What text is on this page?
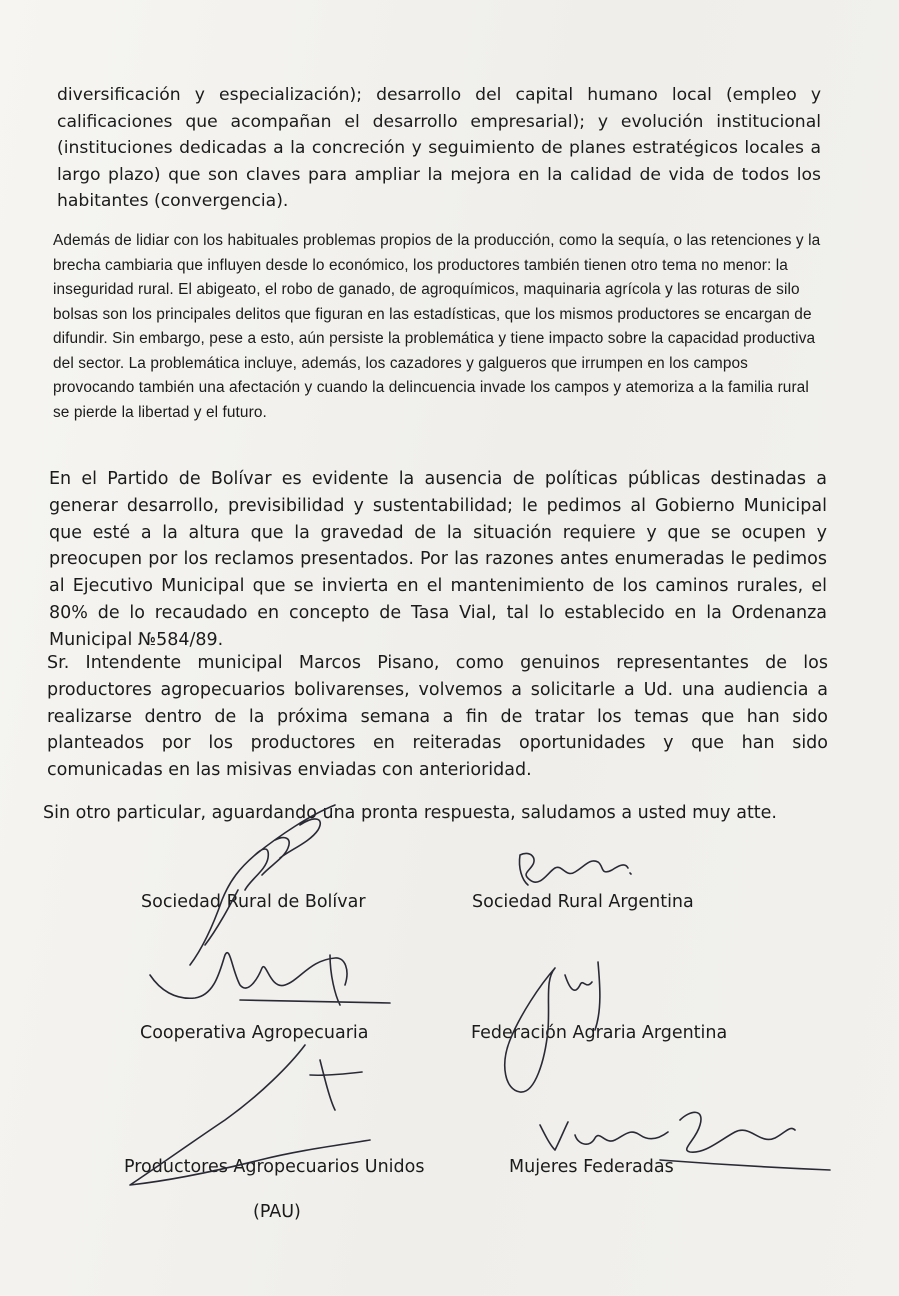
diversificación y especialización); desarrollo del capital humano local (empleo y calificaciones que acompañan el desarrollo empresarial); y evolución institucional (instituciones dedicadas a la concreción y seguimiento de planes estratégicos locales a largo plazo) que son claves para ampliar la mejora en la calidad de vida de todos los habitantes (convergencia).

Además de lidiar con los habituales problemas propios de la producción, como la sequía, o las retenciones y la brecha cambiaria que influyen desde lo económico, los productores también tienen otro tema no menor: la inseguridad rural. El abigeato, el robo de ganado, de agroquímicos, maquinaria agrícola y las roturas de silo bolsas son los principales delitos que figuran en las estadísticas, que los mismos productores se encargan de difundir. Sin embargo, pese a esto, aún persiste la problemática y tiene impacto sobre la capacidad productiva del sector. La problemática incluye, además, los cazadores y galgueros que irrumpen en los campos provocando también una afectación y cuando la delincuencia invade los campos y atemoriza a la familia rural se pierde la libertad y el futuro.

En el Partido de Bolívar es evidente la ausencia de políticas públicas destinadas a generar desarrollo, previsibilidad y sustentabilidad; le pedimos al Gobierno Municipal que esté a la altura que la gravedad de la situación requiere y que se ocupen y preocupen por los reclamos presentados. Por las razones antes enumeradas le pedimos al Ejecutivo Municipal que se invierta en el mantenimiento de los caminos rurales, el 80% de lo recaudado en concepto de Tasa Vial, tal lo establecido en la Ordenanza Municipal №584/89.

Sr. Intendente municipal Marcos Pisano, como genuinos representantes de los productores agropecuarios bolivarenses, volvemos a solicitarle a Ud. una audiencia a realizarse dentro de la próxima semana a fin de tratar los temas que han sido planteados por los productores en reiteradas oportunidades y que han sido comunicadas en las misivas enviadas con anterioridad.

Sin otro particular, aguardando una pronta respuesta, saludamos a usted muy atte.
Sociedad Rural de Bolívar	Sociedad Rural Argentina
Cooperativa Agropecuaria	Federación Agraria Argentina
Productores Agropecuarios Unidos	Mujeres Federadas
(PAU)
